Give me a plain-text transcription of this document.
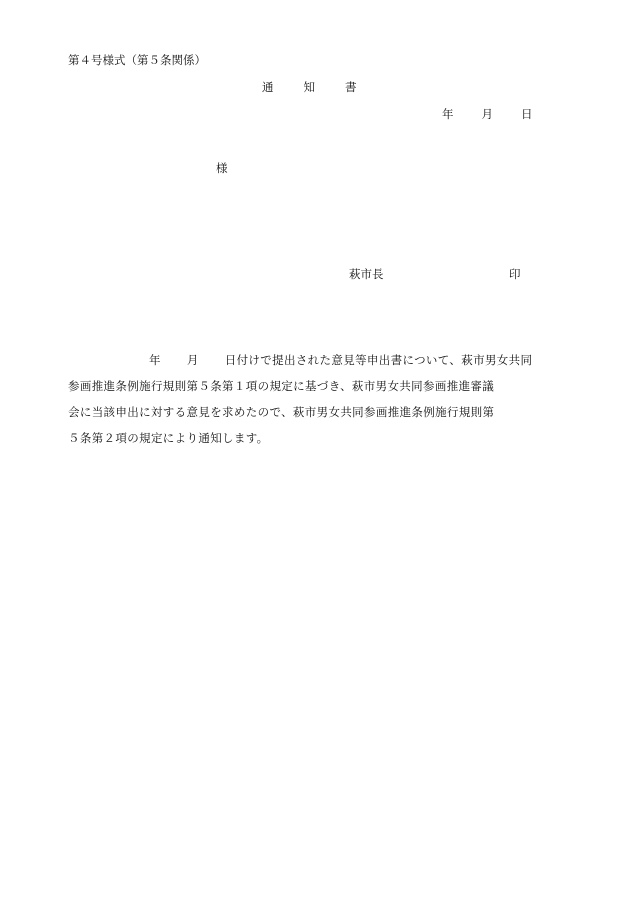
第４号様式（第５条関係）
通	知	書
年 月 日
様
萩市長	印
年 月 日付けで提出された意見等申出書について、萩市男女共同
参画推進条例施行規則第５条第１項の規定に基づき、萩市男女共同参画推進審議
会に当該申出に対する意見を求めたので、萩市男女共同参画推進条例施行規則第
５条第２項の規定により通知します。
